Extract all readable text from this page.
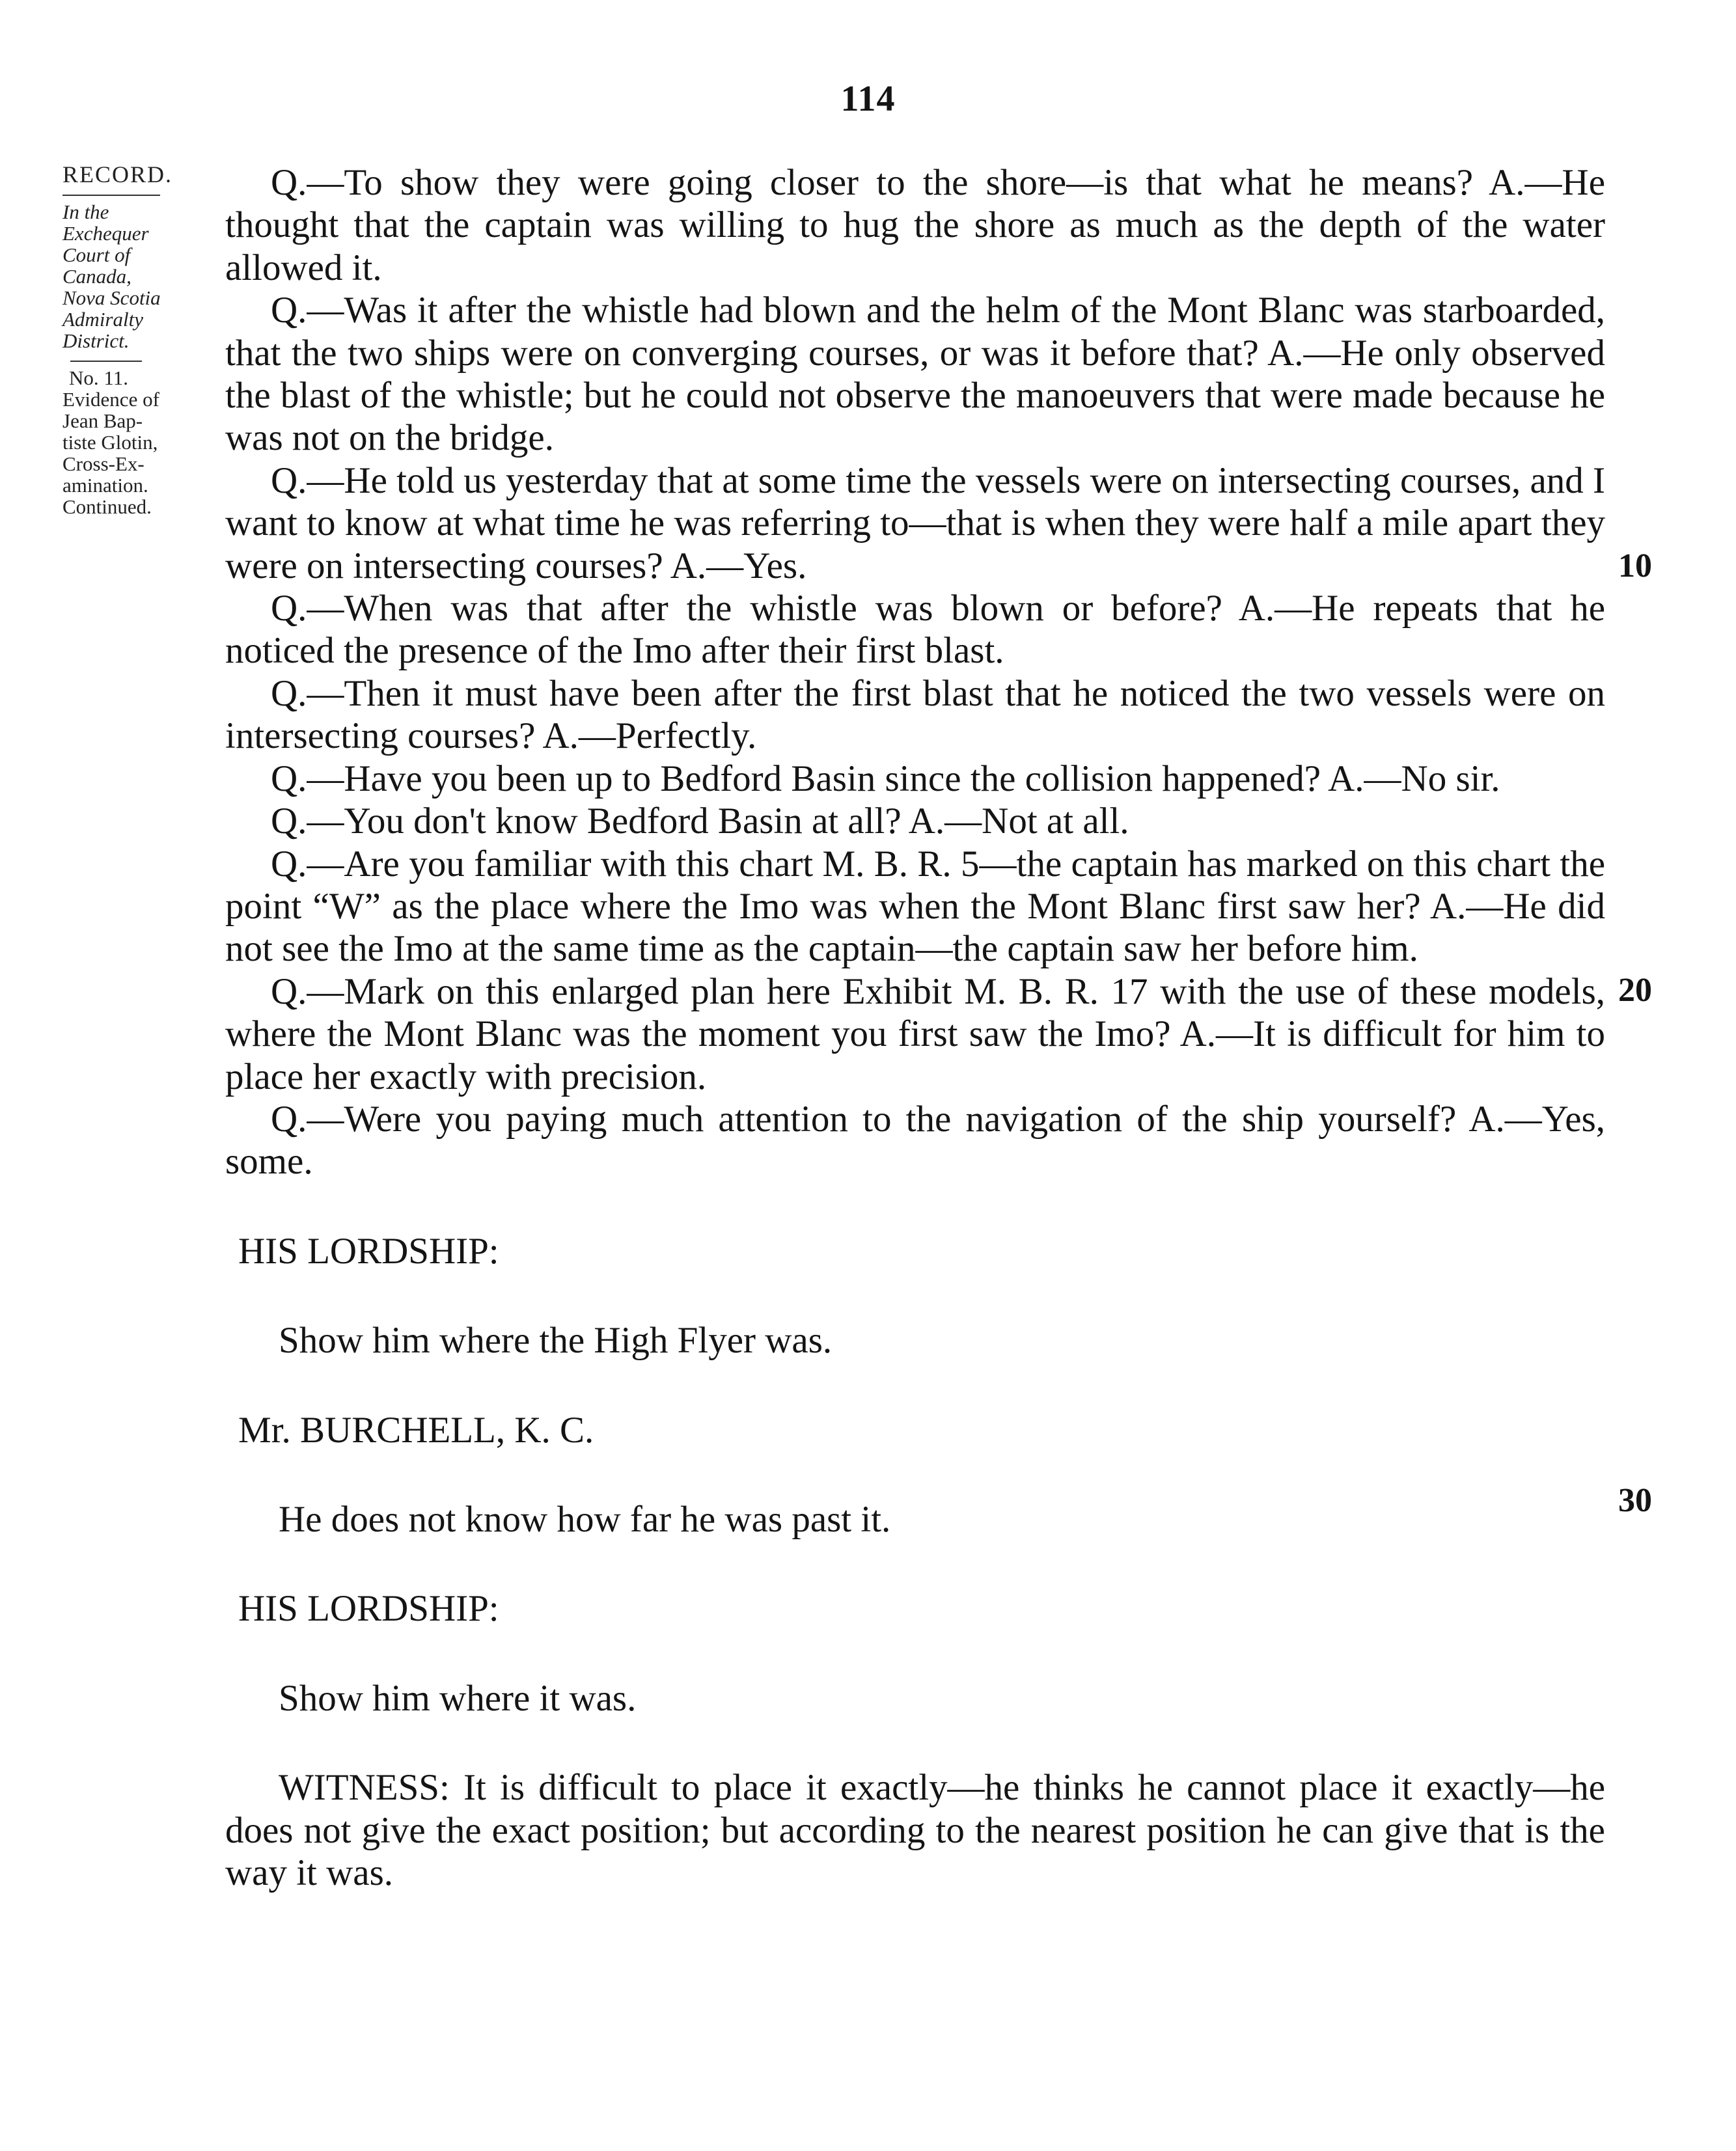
114
RECORD.
In the
Exchequer
Court of
Canada,
Nova Scotia
Admiralty
District.
No. 11.
Evidence of
Jean Bap-
tiste Glotin,
Cross-Ex-
amination.
Continued.

Q.—To show they were going closer to the shore—is that what he means? A.—He thought that the captain was willing to hug the shore as much as the depth of the water allowed it.

Q.—Was it after the whistle had blown and the helm of the Mont Blanc was starboarded, that the two ships were on converging courses, or was it before that? A.—He only observed the blast of the whistle; but he could not observe the manoeuvers that were made because he was not on the bridge.

Q.—He told us yesterday that at some time the vessels were on intersecting courses, and I want to know at what time he was referring to—that is when they were half a mile apart they were on intersecting courses? A.—Yes.

Q.—When was that after the whistle was blown or before? A.—He repeats that he noticed the presence of the Imo after their first blast.

Q.—Then it must have been after the first blast that he noticed the two vessels were on intersecting courses? A.—Perfectly.

Q.—Have you been up to Bedford Basin since the collision happened? A.—No sir.

Q.—You don't know Bedford Basin at all? A.—Not at all.

Q.—Are you familiar with this chart M. B. R. 5—the captain has marked on this chart the point “W” as the place where the Imo was when the Mont Blanc first saw her? A.—He did not see the Imo at the same time as the captain—the captain saw her before him.

Q.—Mark on this enlarged plan here Exhibit M. B. R. 17 with the use of these models, where the Mont Blanc was the moment you first saw the Imo? A.—It is difficult for him to place her exactly with precision.

Q.—Were you paying much attention to the navigation of the ship yourself? A.—Yes, some.

HIS LORDSHIP:

Show him where the High Flyer was.

Mr. BURCHELL, K. C.

He does not know how far he was past it.

HIS LORDSHIP:

Show him where it was.

WITNESS: It is difficult to place it exactly—he thinks he cannot place it exactly—he does not give the exact position; but according to the nearest position he can give that is the way it was.

10
20
30
